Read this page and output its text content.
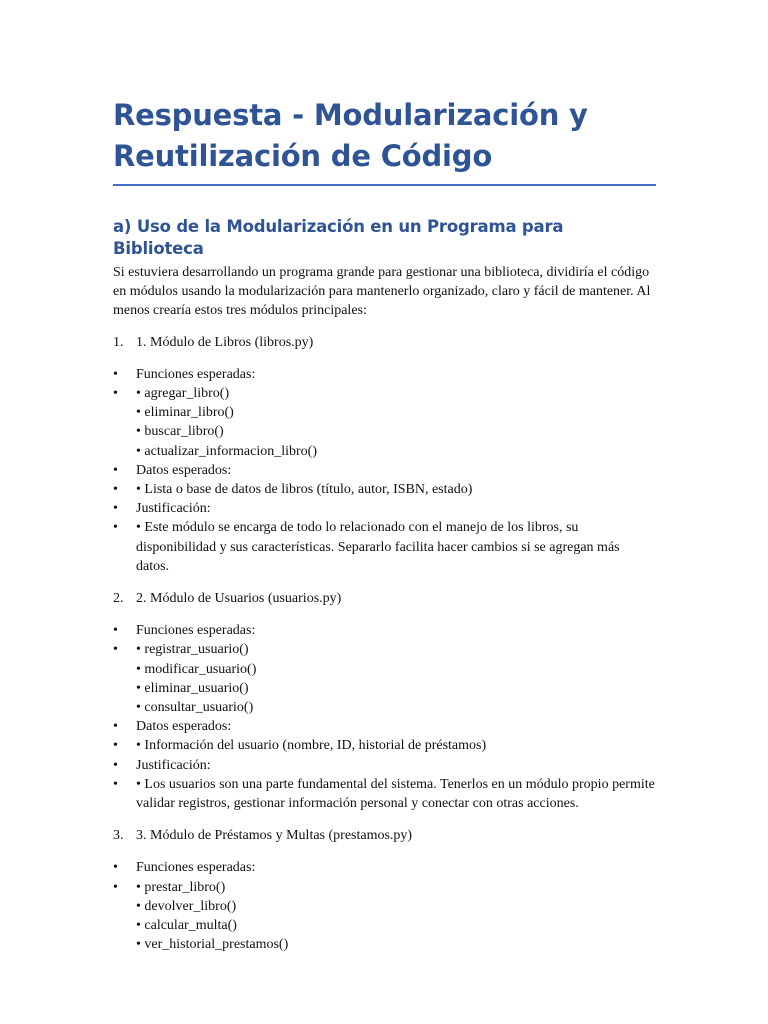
Respuesta - Modularización y
Reutilización de Código
a) Uso de la Modularización en un Programa para Biblioteca

Si estuviera desarrollando un programa grande para gestionar una biblioteca, dividiría el código en módulos usando la modularización para mantenerlo organizado, claro y fácil de mantener. Al menos crearía estos tres módulos principales:

1. 1. Módulo de Libros (libros.py)
• Funciones esperadas:
• • agregar_libro()
• eliminar_libro()
• buscar_libro()
• actualizar_informacion_libro()
• Datos esperados:
• • Lista o base de datos de libros (título, autor, ISBN, estado)
• Justificación:
• • Este módulo se encarga de todo lo relacionado con el manejo de los libros, su disponibilidad y sus características. Separarlo facilita hacer cambios si se agregan más datos.
2. 2. Módulo de Usuarios (usuarios.py)
• Funciones esperadas:
• • registrar_usuario()
• modificar_usuario()
• eliminar_usuario()
• consultar_usuario()
• Datos esperados:
• • Información del usuario (nombre, ID, historial de préstamos)
• Justificación:
• • Los usuarios son una parte fundamental del sistema. Tenerlos en un módulo propio permite validar registros, gestionar información personal y conectar con otras acciones.
3. 3. Módulo de Préstamos y Multas (prestamos.py)
• Funciones esperadas:
• • prestar_libro()
• devolver_libro()
• calcular_multa()
• ver_historial_prestamos()
